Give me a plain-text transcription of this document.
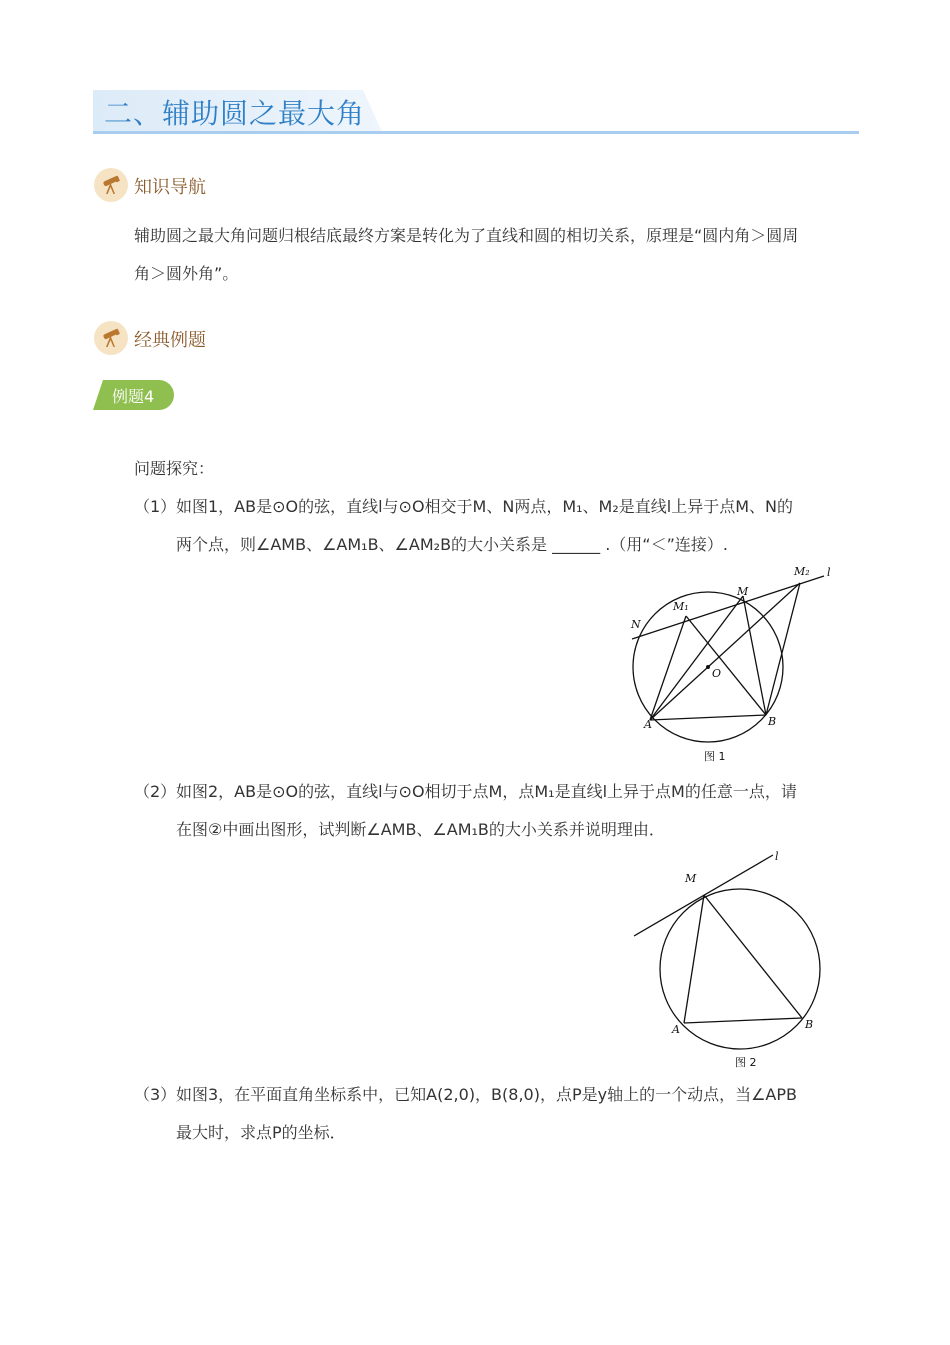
二、辅助圆之最大角
知识导航
辅助圆之最大角问题归根结底最终方案是转化为了直线和圆的相切关系，原理是“圆内角＞圆周
角＞圆外角”。
经典例题
例题4
问题探究：
（1） 如图1，AB是⊙O的弦，直线l与⊙O相交于M、N两点，M₁、M₂是直线l上异于点M、N的
两个点，则∠AMB、∠AM₁B、∠AM₂B的大小关系是 ______ .（用“＜”连接）.
M₂ l
M
M₁
N
O
A	B
图 1
（2） 如图2，AB是⊙O的弦，直线l与⊙O相切于点M，点M₁是直线l上异于点M的任意一点，请
在图②中画出图形，试判断∠AMB、∠AM₁B的大小关系并说明理由．
l
M
A	B
图 2
（3） 如图3，在平面直角坐标系中，已知A(2,0)，B(8,0)，点P是y轴上的一个动点，当∠APB
最大时，求点P的坐标．
